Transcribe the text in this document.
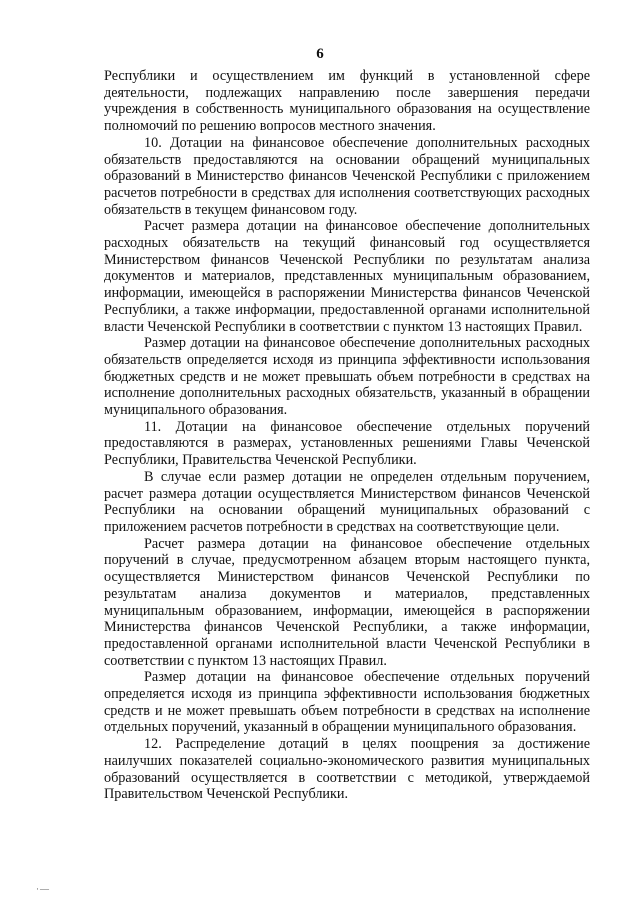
6

Республики и осуществлением им функций в установленной сфере деятельности, подлежащих направлению после завершения передачи учреждения в собственность муниципального образования на осуществление полномочий по решению вопросов местного значения.

10. Дотации на финансовое обеспечение дополнительных расходных обязательств предоставляются на основании обращений муниципальных образований в Министерство финансов Чеченской Республики с приложением расчетов потребности в средствах для исполнения соответствующих расходных обязательств в текущем финансовом году.

Расчет размера дотации на финансовое обеспечение дополнительных расходных обязательств на текущий финансовый год осуществляется Министерством финансов Чеченской Республики по результатам анализа документов и материалов, представленных муниципальным образованием, информации, имеющейся в распоряжении Министерства финансов Чеченской Республики, а также информации, предоставленной органами исполнительной власти Чеченской Республики в соответствии с пунктом 13 настоящих Правил.

Размер дотации на финансовое обеспечение дополнительных расходных обязательств определяется исходя из принципа эффективности использования бюджетных средств и не может превышать объем потребности в средствах на исполнение дополнительных расходных обязательств, указанный в обращении муниципального образования.

11. Дотации на финансовое обеспечение отдельных поручений предоставляются в размерах, установленных решениями Главы Чеченской Республики, Правительства Чеченской Республики.

В случае если размер дотации не определен отдельным поручением, расчет размера дотации осуществляется Министерством финансов Чеченской Республики на основании обращений муниципальных образований с приложением расчетов потребности в средствах на соответствующие цели.

Расчет размера дотации на финансовое обеспечение отдельных поручений в случае, предусмотренном абзацем вторым настоящего пункта, осуществляется Министерством финансов Чеченской Республики по результатам анализа документов и материалов, представленных муниципальным образованием, информации, имеющейся в распоряжении Министерства финансов Чеченской Республики, а также информации, предоставленной органами исполнительной власти Чеченской Республики в соответствии с пунктом 13 настоящих Правил.

Размер дотации на финансовое обеспечение отдельных поручений определяется исходя из принципа эффективности использования бюджетных средств и не может превышать объем потребности в средствах на исполнение отдельных поручений, указанный в обращении муниципального образования.

12. Распределение дотаций в целях поощрения за достижение наилучших показателей социально-экономического развития муниципальных образований осуществляется в соответствии с методикой, утверждаемой Правительством Чеченской Республики.

·—
